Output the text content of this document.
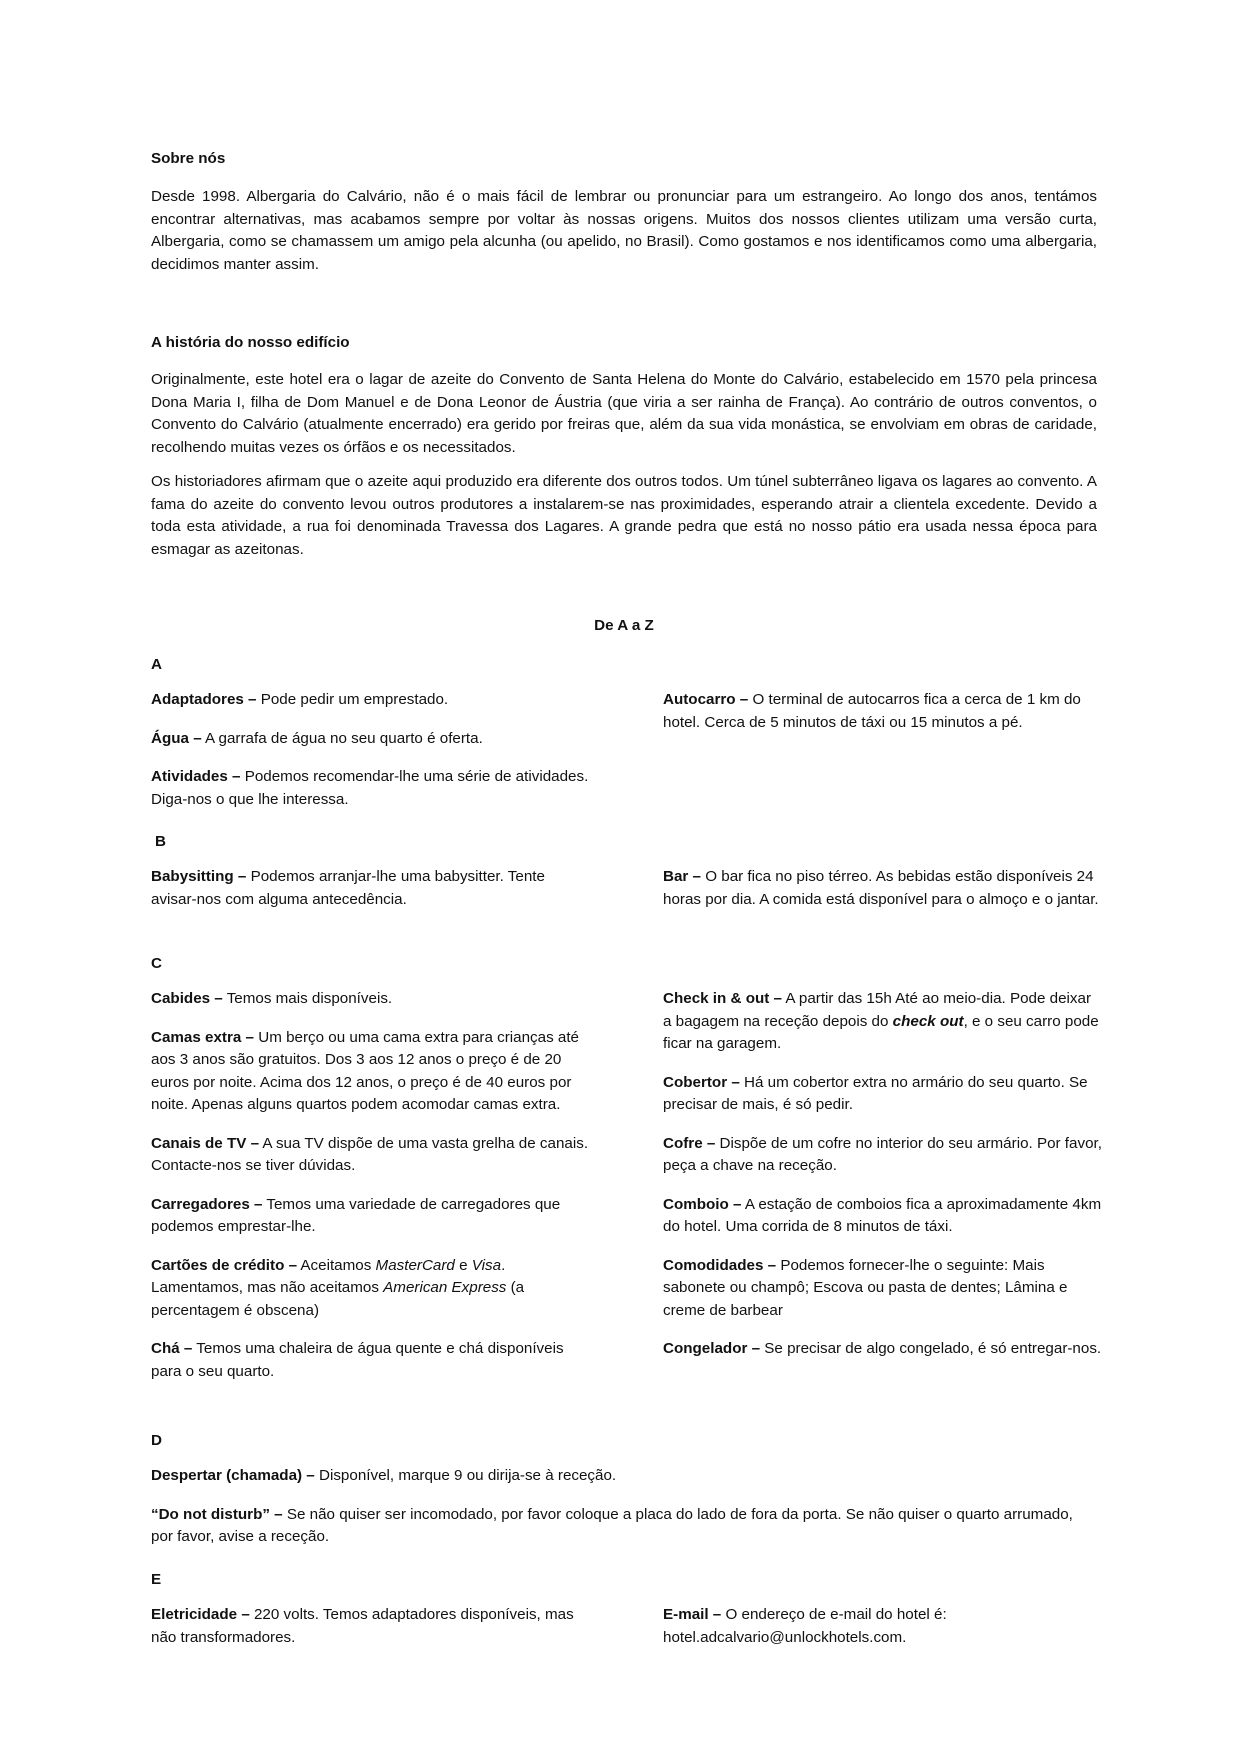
Sobre nós

Desde 1998. Albergaria do Calvário, não é o mais fácil de lembrar ou pronunciar para um estrangeiro. Ao longo dos anos, tentámos encontrar alternativas, mas acabamos sempre por voltar às nossas origens. Muitos dos nossos clientes utilizam uma versão curta, Albergaria, como se chamassem um amigo pela alcunha (ou apelido, no Brasil). Como gostamos e nos identificamos como uma albergaria, decidimos manter assim.

A história do nosso edifício

Originalmente, este hotel era o lagar de azeite do Convento de Santa Helena do Monte do Calvário, estabelecido em 1570 pela princesa Dona Maria I, filha de Dom Manuel e de Dona Leonor de Áustria (que viria a ser rainha de França). Ao contrário de outros conventos, o Convento do Calvário (atualmente encerrado) era gerido por freiras que, além da sua vida monástica, se envolviam em obras de caridade, recolhendo muitas vezes os órfãos e os necessitados.

Os historiadores afirmam que o azeite aqui produzido era diferente dos outros todos. Um túnel subterrâneo ligava os lagares ao convento. A fama do azeite do convento levou outros produtores a instalarem-se nas proximidades, esperando atrair a clientela excedente. Devido a toda esta atividade, a rua foi denominada Travessa dos Lagares. A grande pedra que está no nosso pátio era usada nessa época para esmagar as azeitonas.

De A a Z
A
Adaptadores – Pode pedir um emprestado.
Água – A garrafa de água no seu quarto é oferta.
Atividades – Podemos recomendar-lhe uma série de atividades. Diga-nos o que lhe interessa.
Autocarro – O terminal de autocarros fica a cerca de 1 km do hotel. Cerca de 5 minutos de táxi ou 15 minutos a pé.
B
Babysitting – Podemos arranjar-lhe uma babysitter. Tente avisar-nos com alguma antecedência.
Bar – O bar fica no piso térreo. As bebidas estão disponíveis 24 horas por dia. A comida está disponível para o almoço e o jantar.
C
Cabides – Temos mais disponíveis.
Camas extra – Um berço ou uma cama extra para crianças até aos 3 anos são gratuitos. Dos 3 aos 12 anos o preço é de 20 euros por noite. Acima dos 12 anos, o preço é de 40 euros por noite. Apenas alguns quartos podem acomodar camas extra.
Canais de TV – A sua TV dispõe de uma vasta grelha de canais. Contacte-nos se tiver dúvidas.
Carregadores – Temos uma variedade de carregadores que podemos emprestar-lhe.
Cartões de crédito – Aceitamos MasterCard e Visa. Lamentamos, mas não aceitamos American Express (a percentagem é obscena)
Chá – Temos uma chaleira de água quente e chá disponíveis para o seu quarto.
Check in & out – A partir das 15h Até ao meio-dia. Pode deixar a bagagem na receção depois do check out, e o seu carro pode ficar na garagem.
Cobertor – Há um cobertor extra no armário do seu quarto. Se precisar de mais, é só pedir.
Cofre – Dispõe de um cofre no interior do seu armário. Por favor, peça a chave na receção.
Comboio – A estação de comboios fica a aproximadamente 4km do hotel. Uma corrida de 8 minutos de táxi.
Comodidades – Podemos fornecer-lhe o seguinte: Mais sabonete ou champô; Escova ou pasta de dentes; Lâmina e creme de barbear
Congelador – Se precisar de algo congelado, é só entregar-nos.
D
Despertar (chamada) – Disponível, marque 9 ou dirija-se à receção.
“Do not disturb” – Se não quiser ser incomodado, por favor coloque a placa do lado de fora da porta. Se não quiser o quarto arrumado, por favor, avise a receção.
E
Eletricidade – 220 volts. Temos adaptadores disponíveis, mas não transformadores.
E-mail – O endereço de e-mail do hotel é: hotel.adcalvario@unlockhotels.com.
